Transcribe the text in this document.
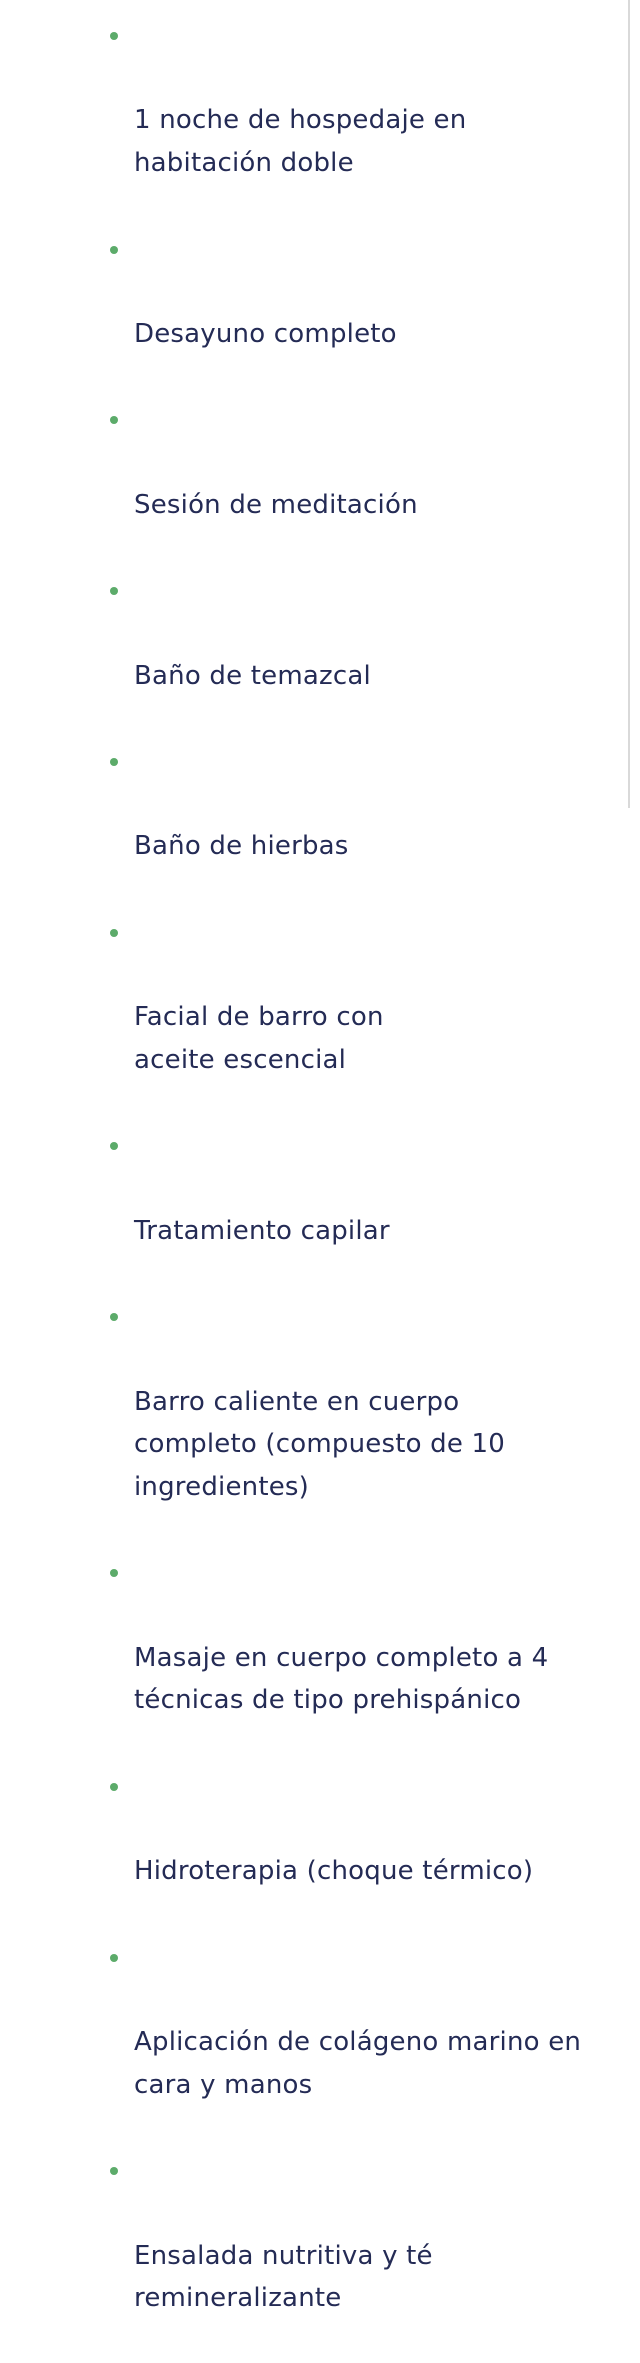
1 noche de hospedaje en
habitación doble

Desayuno completo

Sesión de meditación

Baño de temazcal

Baño de hierbas

Facial de barro con
aceite escencial

Tratamiento capilar

Barro caliente en cuerpo
completo (compuesto de 10
ingredientes)

Masaje en cuerpo completo a 4
técnicas de tipo prehispánico

Hidroterapia (choque térmico)

Aplicación de colágeno marino en
cara y manos

Ensalada nutritiva y té
remineralizante
